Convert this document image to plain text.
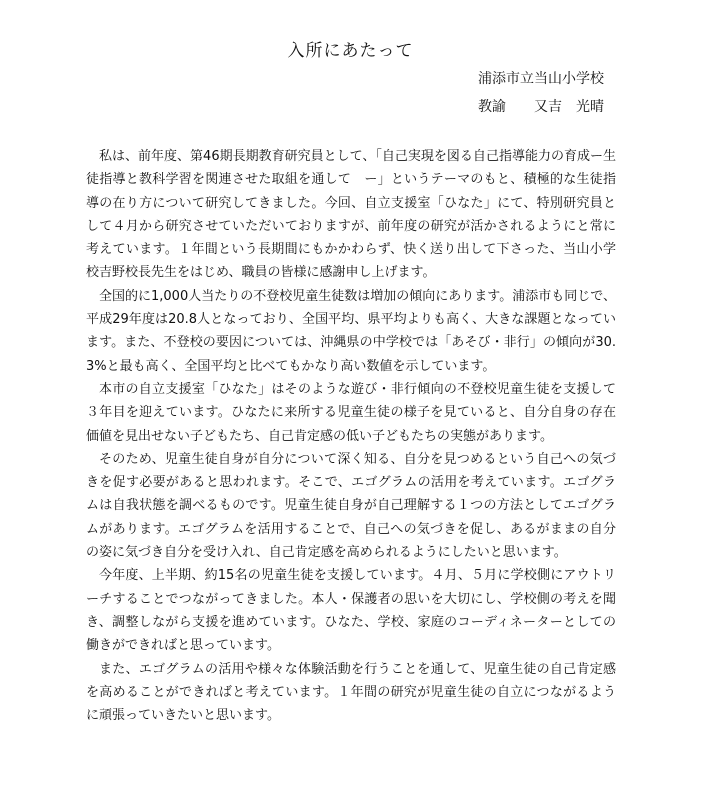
入所にあたって

浦添市立当山小学校

教諭　　又吉　光晴

私は、前年度、第46期長期教育研究員として、「自己実現を図る自己指導能力の育成ー生徒指導と教科学習を関連させた取組を通して　ー」というテーマのもと、積極的な生徒指導の在り方について研究してきました。今回、自立支援室「ひなた」にて、特別研究員として４月から研究させていただいておりますが、前年度の研究が活かされるようにと常に考えています。１年間という長期間にもかかわらず、快く送り出して下さった、当山小学校吉野校長先生をはじめ、職員の皆様に感謝申し上げます。

全国的に1,000人当たりの不登校児童生徒数は増加の傾向にあります。浦添市も同じで、平成29年度は20.8人となっており、全国平均、県平均よりも高く、大きな課題となっています。また、不登校の要因については、沖縄県の中学校では「あそび・非行」の傾向が30.3%と最も高く、全国平均と比べてもかなり高い数値を示しています。

本市の自立支援室「ひなた」はそのような遊び・非行傾向の不登校児童生徒を支援して３年目を迎えています。ひなたに来所する児童生徒の様子を見ていると、自分自身の存在価値を見出せない子どもたち、自己肯定感の低い子どもたちの実態があります。

そのため、児童生徒自身が自分について深く知る、自分を見つめるという自己への気づきを促す必要があると思われます。そこで、エゴグラムの活用を考えています。エゴグラムは自我状態を調べるものです。児童生徒自身が自己理解する１つの方法としてエゴグラムがあります。エゴグラムを活用することで、自己への気づきを促し、あるがままの自分の姿に気づき自分を受け入れ、自己肯定感を高められるようにしたいと思います。

今年度、上半期、約15名の児童生徒を支援しています。４月、５月に学校側にアウトリーチすることでつながってきました。本人・保護者の思いを大切にし、学校側の考えを聞き、調整しながら支援を進めています。ひなた、学校、家庭のコーディネーターとしての働きができればと思っています。

また、エゴグラムの活用や様々な体験活動を行うことを通して、児童生徒の自己肯定感を高めることができればと考えています。１年間の研究が児童生徒の自立につながるように頑張っていきたいと思います。
